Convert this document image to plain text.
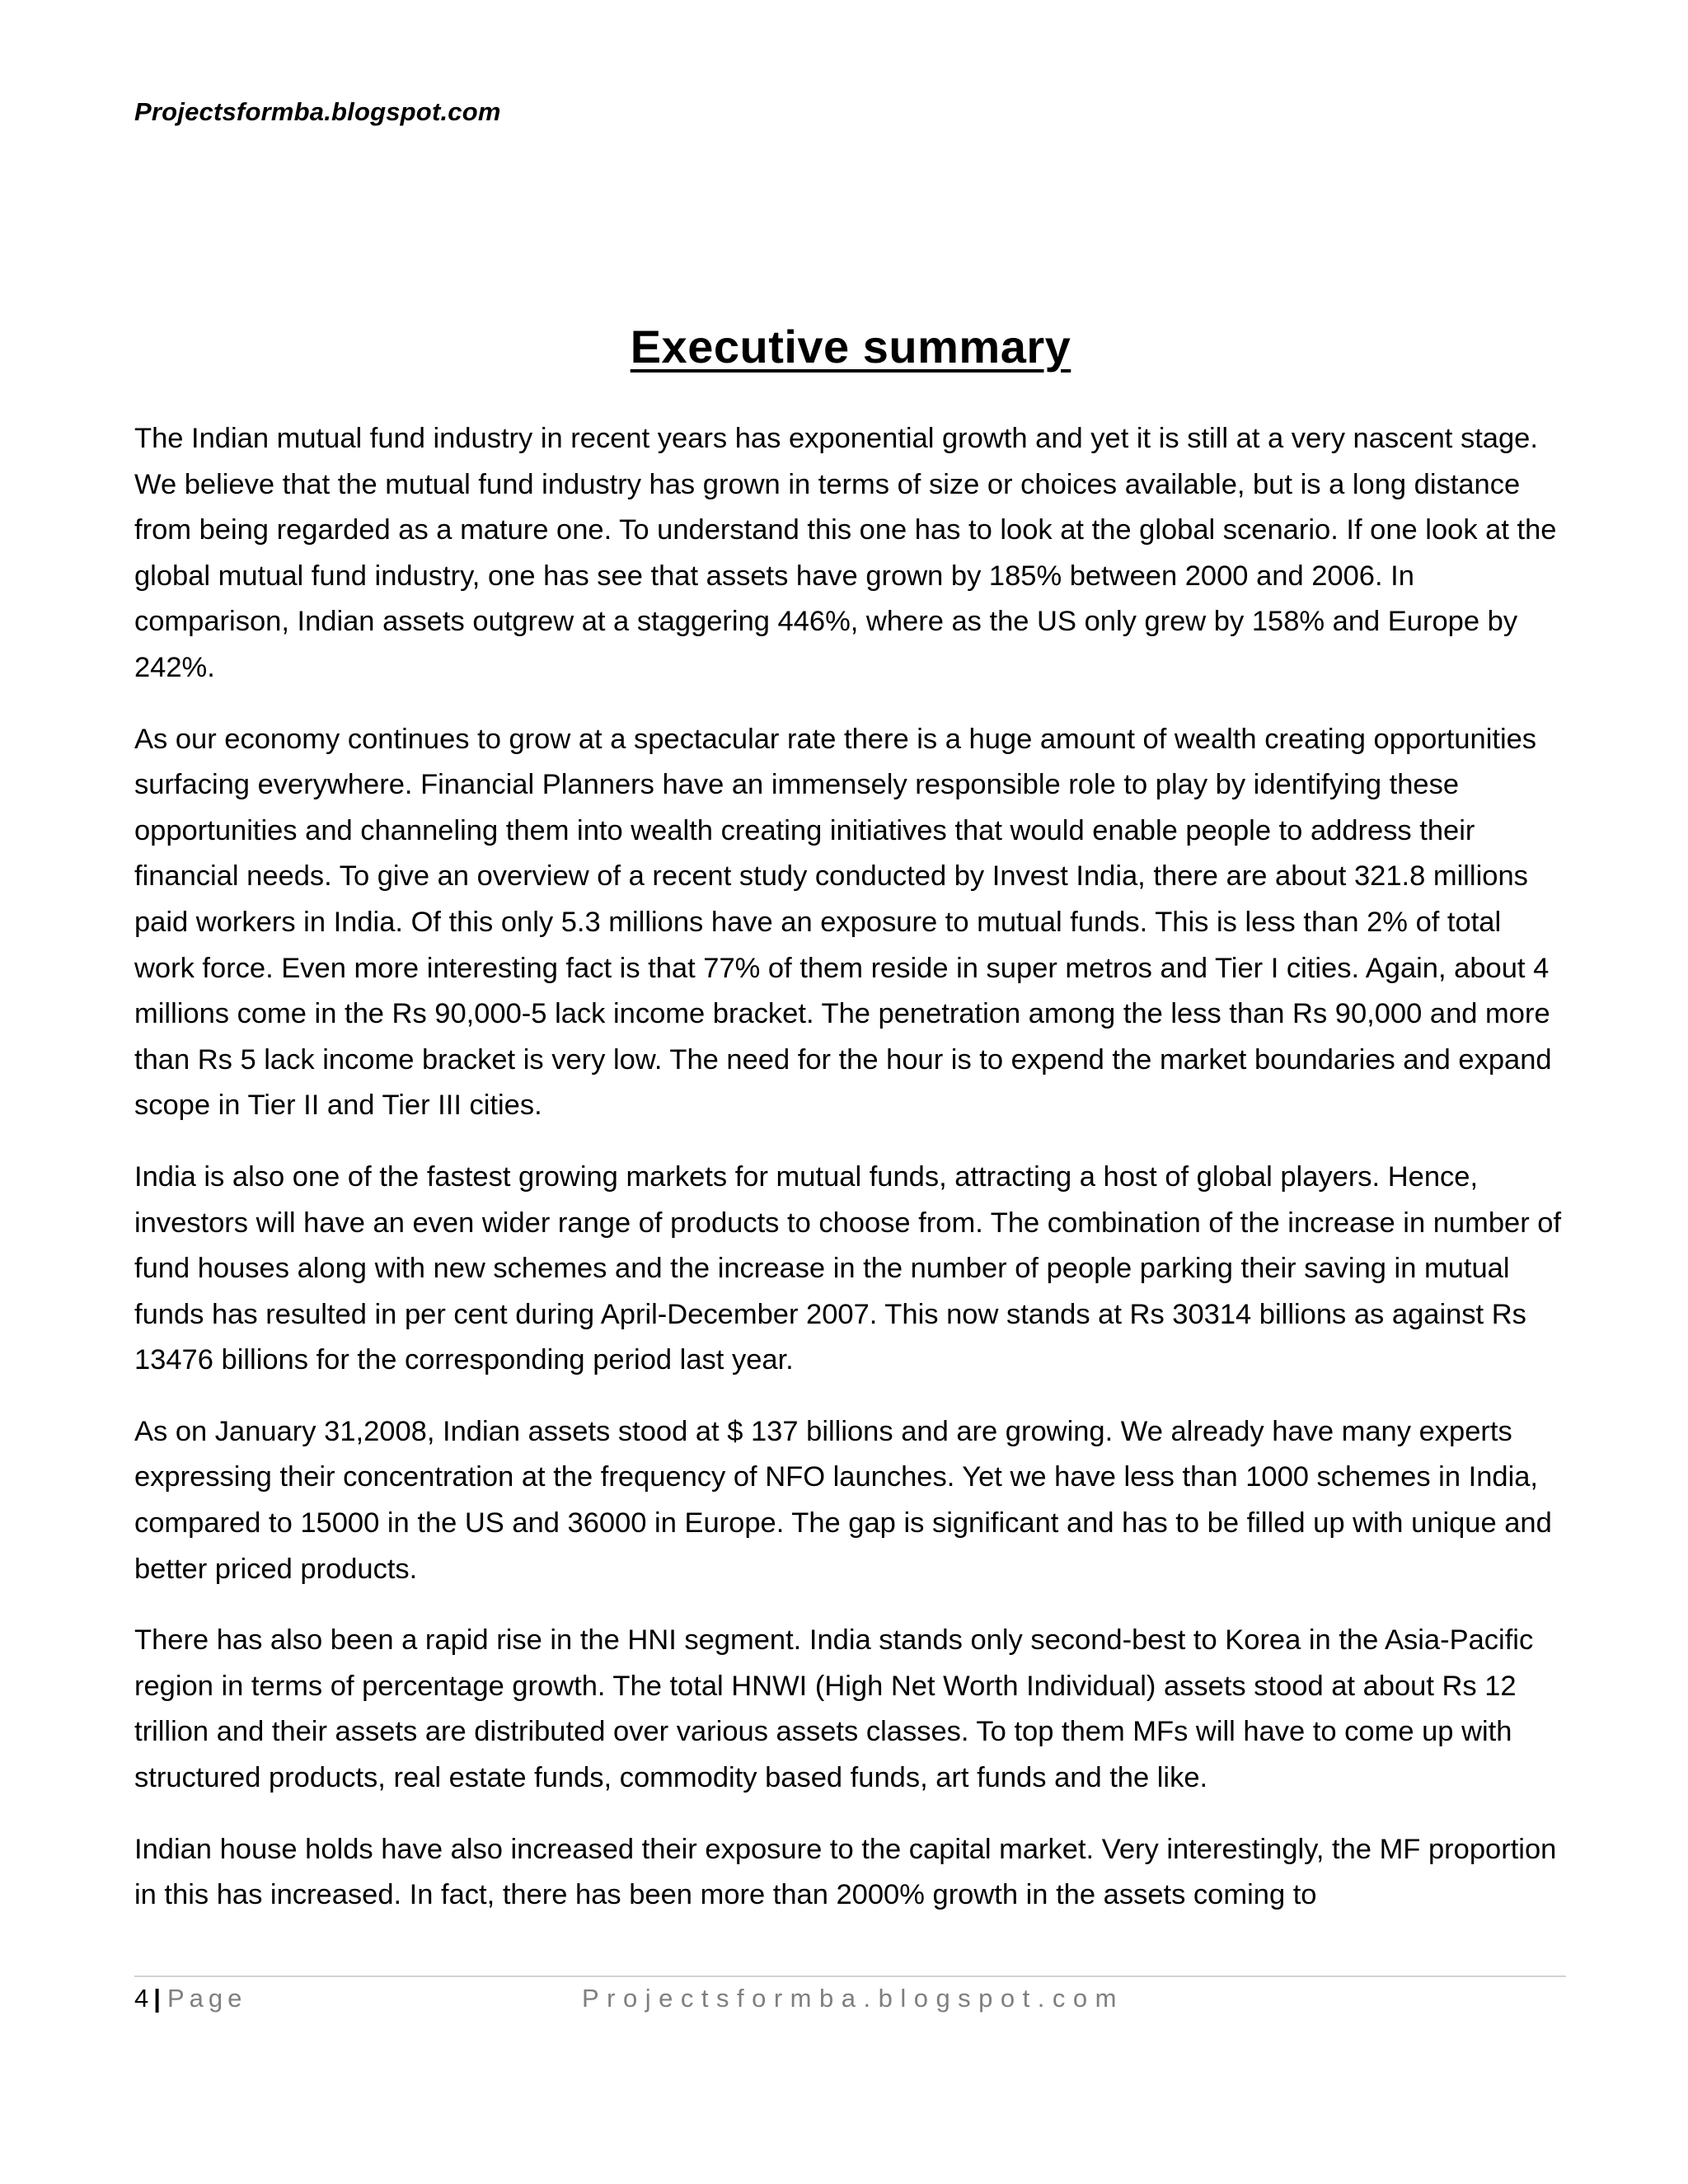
Projectsformba.blogspot.com
Executive summary

The Indian mutual fund industry in recent years has exponential growth and yet it is still at a very nascent stage. We believe that the mutual fund industry has grown in terms of size or choices available, but is a long distance from being regarded as a mature one. To understand this one has to look at the global scenario. If one look at the global mutual fund industry, one has see that assets have grown by 185% between 2000 and 2006. In comparison, Indian assets outgrew at a staggering 446%, where as the US only grew by 158% and Europe by 242%.

As our economy continues to grow at a spectacular rate there is a huge amount of wealth creating opportunities surfacing everywhere. Financial Planners have an immensely responsible role to play by identifying these opportunities and channeling them into wealth creating initiatives that would enable people to address their financial needs. To give an overview of a recent study conducted by Invest India, there are about 321.8 millions paid workers in India. Of this only 5.3 millions have an exposure to mutual funds. This is less than 2% of total work force. Even more interesting fact is that 77% of them reside in super metros and Tier I cities. Again, about 4 millions come in the Rs 90,000-5 lack income bracket. The penetration among the less than Rs 90,000 and more than Rs 5 lack income bracket is very low. The need for the hour is to expend the market boundaries and expand scope in Tier II and Tier III cities.

India is also one of the fastest growing markets for mutual funds, attracting a host of global players. Hence, investors will have an even wider range of products to choose from. The combination of the increase in number of fund houses along with new schemes and the increase in the number of people parking their saving in mutual funds has resulted in per cent during April-December 2007. This now stands at Rs 30314 billions as against Rs 13476 billions for the corresponding period last year.

As on January 31,2008, Indian assets stood at $ 137 billions and are growing. We already have many experts expressing their concentration at the frequency of NFO launches. Yet we have less than 1000 schemes in India, compared to 15000 in the US and 36000 in Europe. The gap is significant and has to be filled up with unique and better priced products.

There has also been a rapid rise in the HNI segment. India stands only second-best to Korea in the Asia-Pacific region in terms of percentage growth. The total HNWI (High Net Worth Individual) assets stood at about Rs 12 trillion and their assets are distributed over various assets classes. To top them MFs will have to come up with structured products, real estate funds, commodity based funds, art funds and the like.

Indian house holds have also increased their exposure to the capital market. Very interestingly, the MF proportion in this has increased. In fact, there has been more than 2000% growth in the assets coming to

4 | Page	Projectsformba.blogspot.com
